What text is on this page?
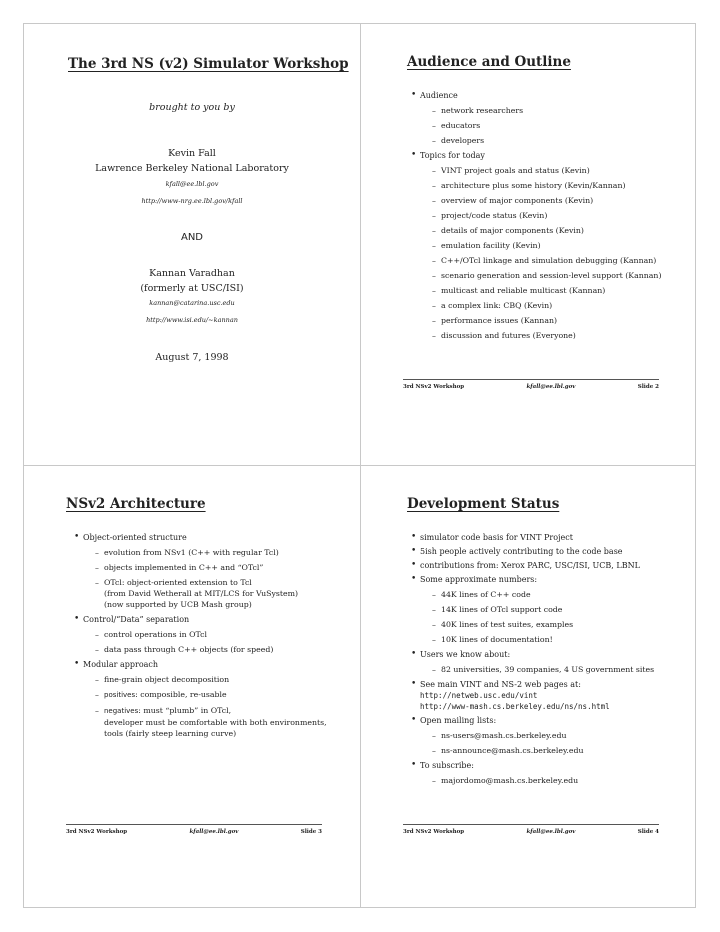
The 3rd NS (v2) Simulator Workshop
brought to you by
Kevin Fall
Lawrence Berkeley National Laboratory
kfall@ee.lbl.gov
http://www-nrg.ee.lbl.gov/kfall
AND
Kannan Varadhan
(formerly at USC/ISI)
kannan@catarina.usc.edu
http://www.isi.edu/~kannan
August 7, 1998
Audience and Outline
• Audience
– network researchers
– educators
– developers
• Topics for today
– VINT project goals and status (Kevin)
– architecture plus some history (Kevin/Kannan)
– overview of major components (Kevin)
– project/code status (Kevin)
– details of major components (Kevin)
– emulation facility (Kevin)
– C++/OTcl linkage and simulation debugging (Kannan)
– scenario generation and session-level support (Kannan)
– multicast and reliable multicast (Kannan)
– a complex link: CBQ (Kevin)
– performance issues (Kannan)
– discussion and futures (Everyone)
3rd NSv2 Workshop	kfall@ee.lbl.gov	Slide 2
NSv2 Architecture
• Object-oriented structure
– evolution from NSv1 (C++ with regular Tcl)
– objects implemented in C++ and “OTcl”
– OTcl: object-oriented extension to Tcl
(from David Wetherall at MIT/LCS for VuSystem)
(now supported by UCB Mash group)
• Control/“Data” separation
– control operations in OTcl
– data pass through C++ objects (for speed)
• Modular approach
– fine-grain object decomposition
– positives: composible, re-usable
– negatives: must “plumb” in OTcl,
developer must be comfortable with both environments,
tools (fairly steep learning curve)
3rd NSv2 Workshop	kfall@ee.lbl.gov	Slide 3
Development Status
• simulator code basis for VINT Project
• 5ish people actively contributing to the code base
• contributions from: Xerox PARC, USC/ISI, UCB, LBNL
• Some approximate numbers:
– 44K lines of C++ code
– 14K lines of OTcl support code
– 40K lines of test suites, examples
– 10K lines of documentation!
• Users we know about:
– 82 universities, 39 companies, 4 US government sites
• See main VINT and NS-2 web pages at:
http://netweb.usc.edu/vint
http://www-mash.cs.berkeley.edu/ns/ns.html
• Open mailing lists:
– ns-users@mash.cs.berkeley.edu
– ns-announce@mash.cs.berkeley.edu
• To subscribe:
– majordomo@mash.cs.berkeley.edu
3rd NSv2 Workshop	kfall@ee.lbl.gov	Slide 4
